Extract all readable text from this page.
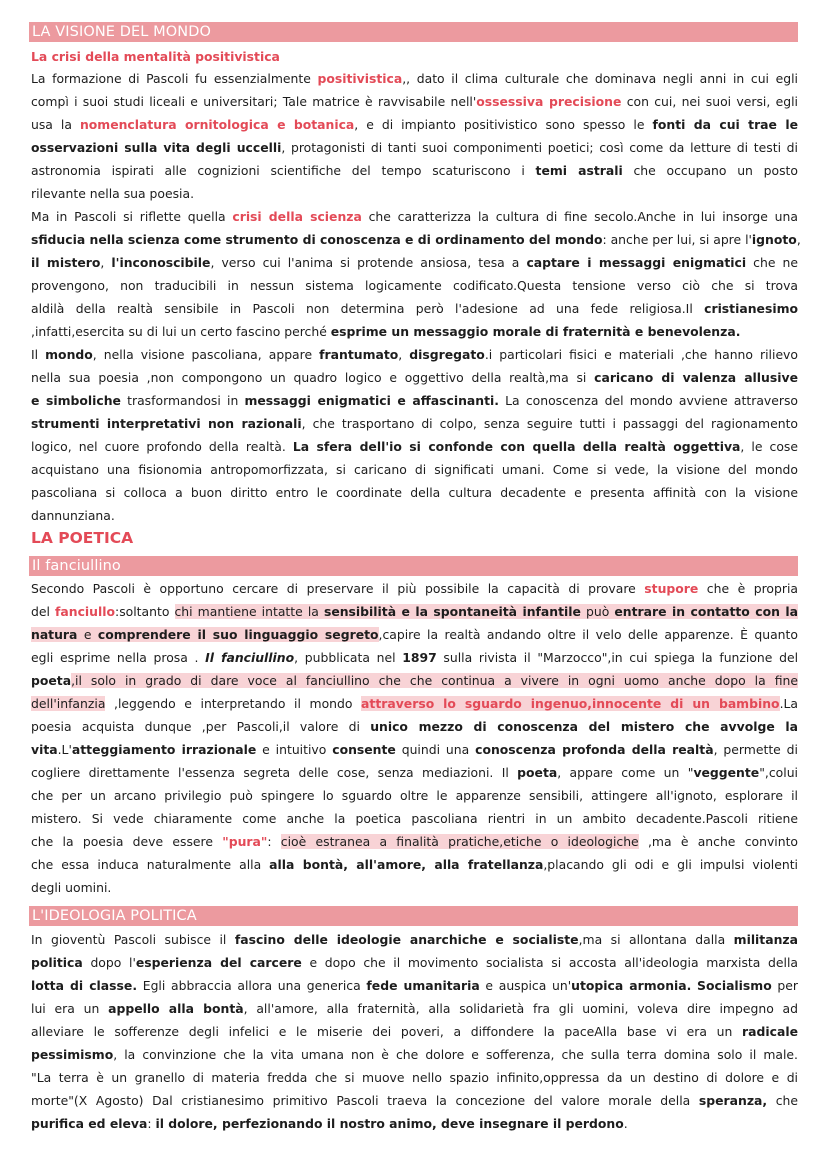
LA VISIONE DEL MONDO
La crisi della mentalità positivistica
La formazione di Pascoli fu essenzialmente positivistica,, dato il clima culturale che dominava negli anni in cui egli
compì i suoi studi liceali e universitari; Tale matrice è ravvisabile nell'ossessiva precisione con cui, nei suoi versi, egli
usa la nomenclatura ornitologica e botanica, e di impianto positivistico sono spesso le fonti da cui trae le
osservazioni sulla vita degli uccelli, protagonisti di tanti suoi componimenti poetici; così come da letture di testi di
astronomia ispirati alle cognizioni scientifiche del tempo scaturiscono i temi astrali che occupano un posto
rilevante nella sua poesia.
Ma in Pascoli si riflette quella crisi della scienza che caratterizza la cultura di fine secolo.Anche in lui insorge una
sfiducia nella scienza come strumento di conoscenza e di ordinamento del mondo: anche per lui, si apre l'ignoto,
il mistero, l'inconoscibile, verso cui l'anima si protende ansiosa, tesa a captare i messaggi enigmatici che ne
provengono, non traducibili in nessun sistema logicamente codificato.Questa tensione verso ciò che si trova
aldilà della realtà sensibile in Pascoli non determina però l'adesione ad una fede religiosa.Il cristianesimo
,infatti,esercita su di lui un certo fascino perché esprime un messaggio morale di fraternità e benevolenza.
Il mondo, nella visione pascoliana, appare frantumato, disgregato.i particolari fisici e materiali ,che hanno rilievo
nella sua poesia ,non compongono un quadro logico e oggettivo della realtà,ma si caricano di valenza allusive
e simboliche trasformandosi in messaggi enigmatici e affascinanti. La conoscenza del mondo avviene attraverso
strumenti interpretativi non razionali, che trasportano di colpo, senza seguire tutti i passaggi del ragionamento
logico, nel cuore profondo della realtà. La sfera dell'io si confonde con quella della realtà oggettiva, le cose
acquistano una fisionomia antropomorfizzata, si caricano di significati umani. Come si vede, la visione del mondo
pascoliana si colloca a buon diritto entro le coordinate della cultura decadente e presenta affinità con la visione
dannunziana.
LA POETICA
Il fanciullino
Secondo Pascoli è opportuno cercare di preservare il più possibile la capacità di provare stupore che è propria
del fanciullo:soltanto chi mantiene intatte la sensibilità e la spontaneità infantile può entrare in contatto con la
natura e comprendere il suo linguaggio segreto,capire la realtà andando oltre il velo delle apparenze. È quanto
egli esprime nella prosa . Il fanciullino, pubblicata nel 1897 sulla rivista il "Marzocco",in cui spiega la funzione del
poeta,il solo in grado di dare voce al fanciullino che che continua a vivere in ogni uomo anche dopo la fine
dell'infanzia ,leggendo e interpretando il mondo attraverso lo sguardo ingenuo,innocente di un bambino.La
poesia acquista dunque ,per Pascoli,il valore di unico mezzo di conoscenza del mistero che avvolge la
vita.L'atteggiamento irrazionale e intuitivo consente quindi una conoscenza profonda della realtà, permette di
cogliere direttamente l'essenza segreta delle cose, senza mediazioni. Il poeta, appare come un "veggente",colui
che per un arcano privilegio può spingere lo sguardo oltre le apparenze sensibili, attingere all'ignoto, esplorare il
mistero. Si vede chiaramente come anche la poetica pascoliana rientri in un ambito decadente.Pascoli ritiene
che la poesia deve essere "pura": cioè estranea a finalità pratiche,etiche o ideologiche ,ma è anche convinto
che essa induca naturalmente alla alla bontà, all'amore, alla fratellanza,placando gli odi e gli impulsi violenti
degli uomini.
L'IDEOLOGIA POLITICA
In gioventù Pascoli subisce il fascino delle ideologie anarchiche e socialiste,ma si allontana dalla militanza
politica dopo l'esperienza del carcere e dopo che il movimento socialista si accosta all'ideologia marxista della
lotta di classe. Egli abbraccia allora una generica fede umanitaria e auspica un'utopica armonia. Socialismo per
lui era un appello alla bontà, all'amore, alla fraternità, alla solidarietà fra gli uomini, voleva dire impegno ad
alleviare le sofferenze degli infelici e le miserie dei poveri, a diffondere la paceAlla base vi era un radicale
pessimismo, la convinzione che la vita umana non è che dolore e sofferenza, che sulla terra domina solo il male.
"La terra è un granello di materia fredda che si muove nello spazio infinito,oppressa da un destino di dolore e di
morte"(X Agosto) Dal cristianesimo primitivo Pascoli traeva la concezione del valore morale della speranza, che
purifica ed eleva: il dolore, perfezionando il nostro animo, deve insegnare il perdono.
